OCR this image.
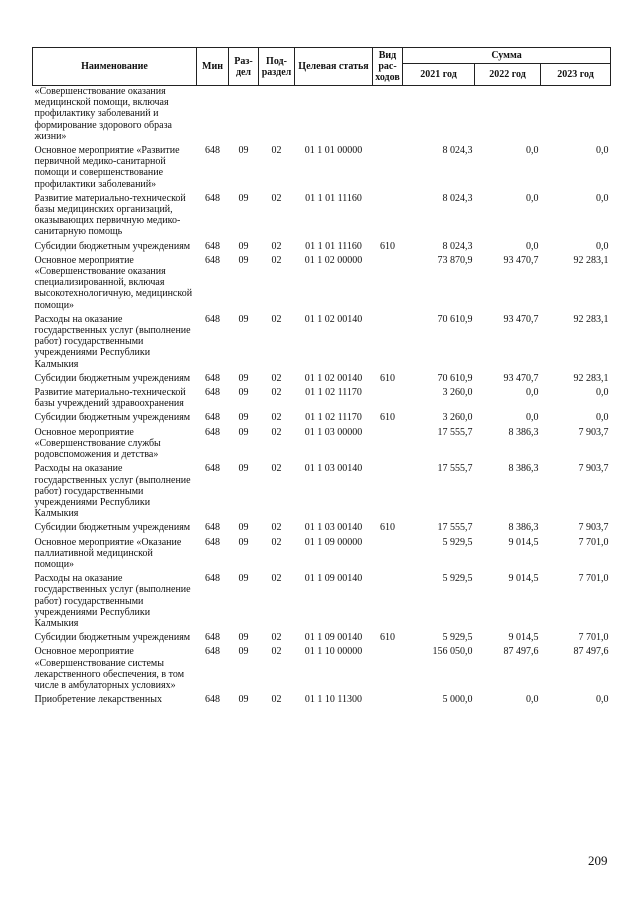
Наименование	Мин	Раз-дел	Под-раздел	Целевая статья	Вид рас-ходов	Сумма		
						2021 год	2022 год	2023 год
«Совершенствование оказания медицинской помощи, включая профилактику заболеваний и формирование здорового образа жизни»								
Основное мероприятие «Развитие первичной медико-санитарной помощи и совершенствование профилактики заболеваний»	648	09	02	01 1 01 00000		8 024,3	0,0	0,0
Развитие материально-технической базы медицинских организаций, оказывающих первичную медико-санитарную помощь	648	09	02	01 1 01 11160		8 024,3	0,0	0,0
Субсидии бюджетным учреждениям	648	09	02	01 1 01 11160	610	8 024,3	0,0	0,0
Основное мероприятие «Совершенствование оказания специализированной, включая высокотехнологичную, медицинской помощи»	648	09	02	01 1 02 00000		73 870,9	93 470,7	92 283,1
Расходы на оказание государственных услуг (выполнение работ) государственными учреждениями Республики Калмыкия	648	09	02	01 1 02 00140		70 610,9	93 470,7	92 283,1
Субсидии бюджетным учреждениям	648	09	02	01 1 02 00140	610	70 610,9	93 470,7	92 283,1
Развитие материально-технической базы учреждений здравоохранения	648	09	02	01 1 02 11170		3 260,0	0,0	0,0
Субсидии бюджетным учреждениям	648	09	02	01 1 02 11170	610	3 260,0	0,0	0,0
Основное мероприятие «Совершенствование службы родовспоможения и детства»	648	09	02	01 1 03 00000		17 555,7	8 386,3	7 903,7
Расходы на оказание государственных услуг (выполнение работ) государственными учреждениями Республики Калмыкия	648	09	02	01 1 03 00140		17 555,7	8 386,3	7 903,7
Субсидии бюджетным учреждениям	648	09	02	01 1 03 00140	610	17 555,7	8 386,3	7 903,7
Основное мероприятие «Оказание паллиативной медицинской помощи»	648	09	02	01 1 09 00000		5 929,5	9 014,5	7 701,0
Расходы на оказание государственных услуг (выполнение работ) государственными учреждениями Республики Калмыкия	648	09	02	01 1 09 00140		5 929,5	9 014,5	7 701,0
Субсидии бюджетным учреждениям	648	09	02	01 1 09 00140	610	5 929,5	9 014,5	7 701,0
Основное мероприятие «Совершенствование системы лекарственного обеспечения, в том числе в амбулаторных условиях»	648	09	02	01 1 10 00000		156 050,0	87 497,6	87 497,6
Приобретение лекарственных	648	09	02	01 1 10 11300		5 000,0	0,0	0,0
209
